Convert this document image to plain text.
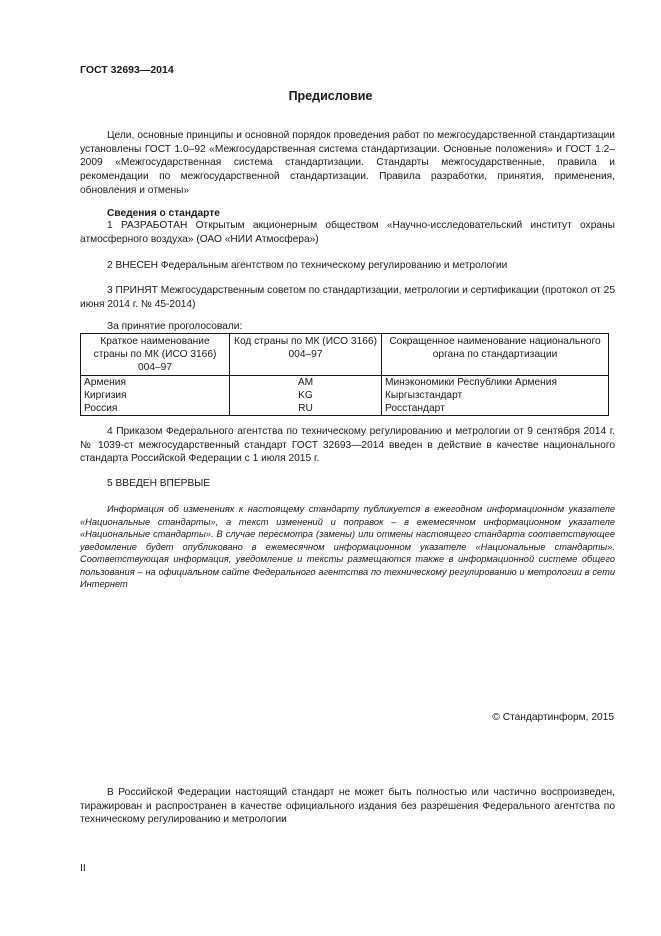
ГОСТ 32693—2014
Предисловие
Цели, основные принципы и основной порядок проведения работ по межгосударственной стандартизации установлены ГОСТ 1.0–92 «Межгосударственная система стандартизации. Основные положения» и ГОСТ 1.2–2009 «Межгосударственная система стандартизации. Стандарты межгосударственные, правила и рекомендации по межгосударственной стандартизации. Правила разработки, принятия, применения, обновления и отмены»
Сведения о стандарте
1 РАЗРАБОТАН Открытым акционерным обществом «Научно-исследовательский институт охраны атмосферного воздуха» (ОАО «НИИ Атмосфера»)
2 ВНЕСЕН Федеральным агентством по техническому регулированию и метрологии
3 ПРИНЯТ Межгосударственным советом по стандартизации, метрологии и сертификации (протокол от 25 июня 2014 г. № 45-2014)
За принятие проголосовали:
Краткое наименование страны по МК (ИСО 3166) 004–97	Код страны по МК (ИСО 3166) 004–97	Сокращенное наименование национального органа по стандартизации
Армения	AM	Минэкономики Республики Армения
Киргизия	KG	Кыргызстандарт
Россия	RU	Росстандарт
4 Приказом Федерального агентства по техническому регулированию и метрологии от 9 сентября 2014 г. № 1039-ст межгосударственный стандарт ГОСТ 32693—2014 введен в действие в качестве национального стандарта Российской Федерации с 1 июля 2015 г.
5 ВВЕДЕН ВПЕРВЫЕ
Информация об изменениях к настоящему стандарту публикуется в ежегодном информационном указателе «Национальные стандарты», а текст изменений и поправок – в ежемесячном информационном указателе «Национальные стандарты». В случае пересмотра (замены) или отмены настоящего стандарта соответствующее уведомление будет опубликовано в ежемесячном информационном указателе «Национальные стандарты». Соответствующая информация, уведомление и тексты размещаются также в информационной системе общего пользования – на официальном сайте Федерального агентства по техническому регулированию и метрологии в сети Интернет
© Стандартинформ, 2015
В Российской Федерации настоящий стандарт не может быть полностью или частично воспроизведен, тиражирован и распространен в качестве официального издания без разрешения Федерального агентства по техническому регулированию и метрологии
II
